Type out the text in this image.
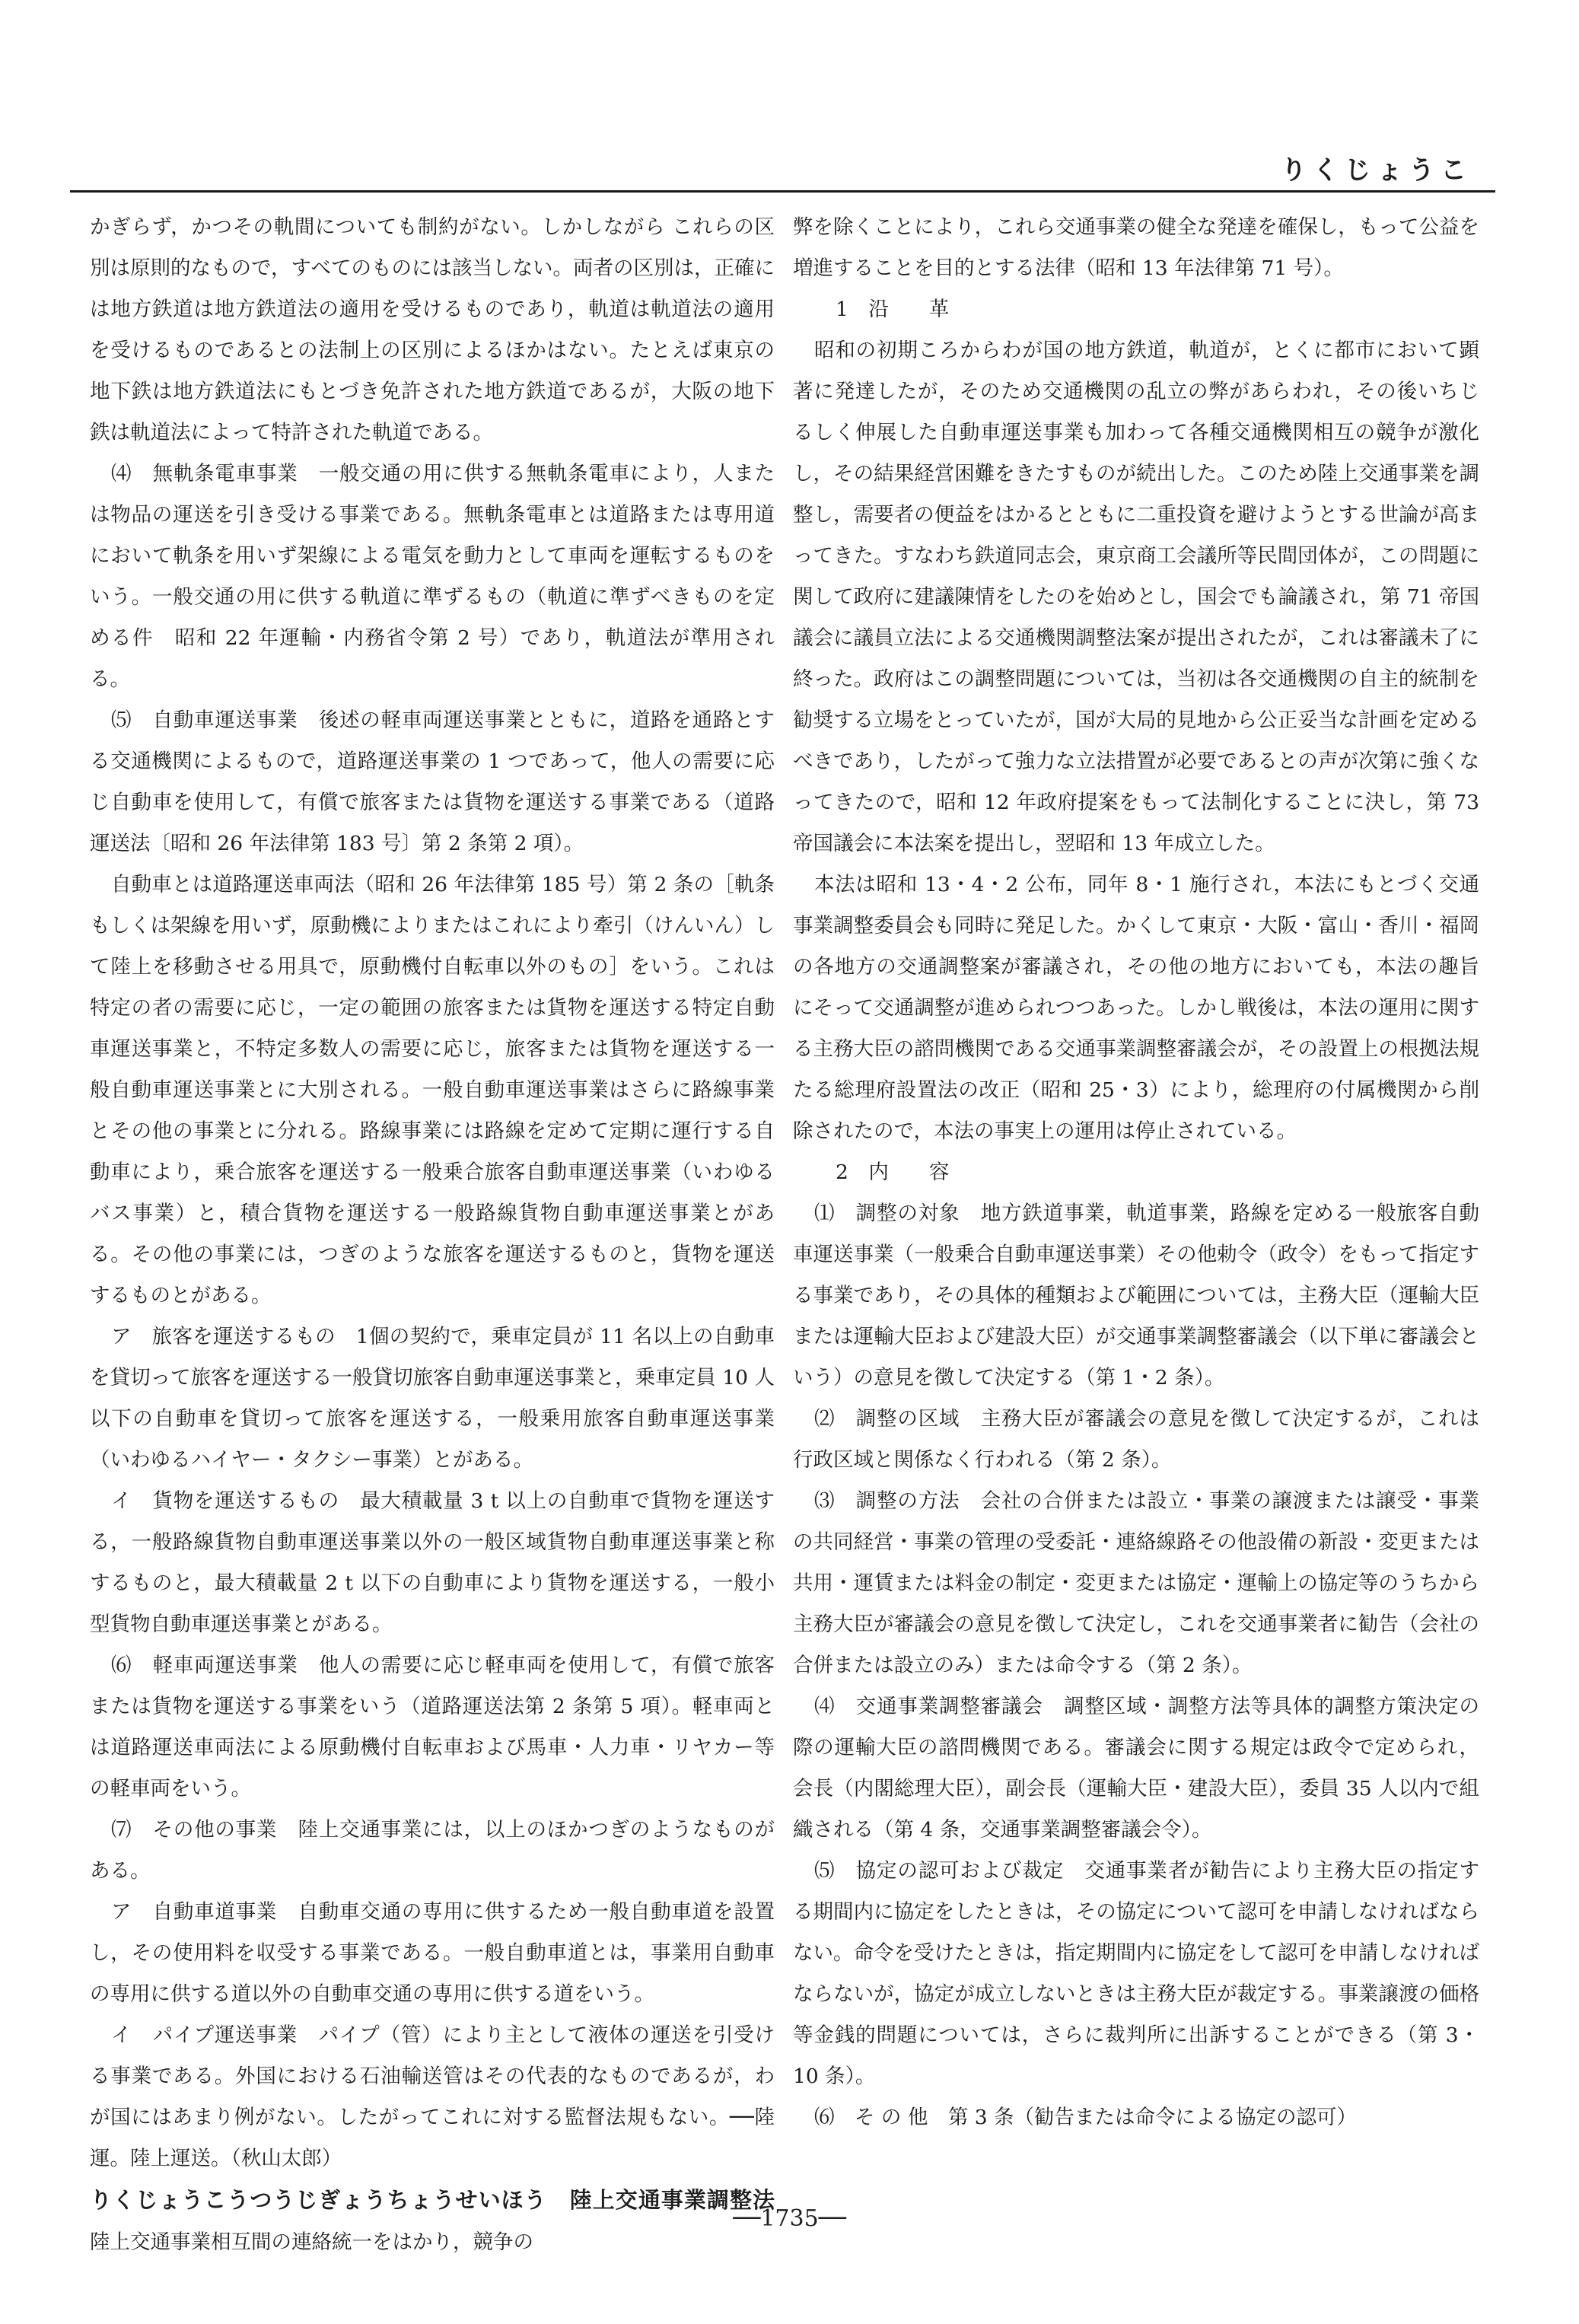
りくじょうこ

かぎらず，かつその軌間についても制約がない。しかしながら これらの区別は原則的なもので，すべてのものには該当しない。両者の区別は，正確には地方鉄道は地方鉄道法の適用を受けるものであり，軌道は軌道法の適用を受けるものであるとの法制上の区別によるほかはない。たとえば東京の地下鉄は地方鉄道法にもとづき免許された地方鉄道であるが，大阪の地下鉄は軌道法によって特許された軌道である。

⑷　無軌条電車事業　一般交通の用に供する無軌条電車により，人または物品の運送を引き受ける事業である。無軌条電車とは道路または専用道において軌条を用いず架線による電気を動力として車両を運転するものをいう。一般交通の用に供する軌道に準ずるもの（軌道に準ずべきものを定める件　昭和 22 年運輸・内務省令第 2 号）であり，軌道法が準用される。

⑸　自動車運送事業　後述の軽車両運送事業とともに，道路を通路とする交通機関によるもので，道路運送事業の 1 つであって，他人の需要に応じ自動車を使用して，有償で旅客または貨物を運送する事業である（道路運送法〔昭和 26 年法律第 183 号〕第 2 条第 2 項）。

自動車とは道路運送車両法（昭和 26 年法律第 185 号）第 2 条の［軌条もしくは架線を用いず，原動機によりまたはこれにより牽引（けんいん）して陸上を移動させる用具で，原動機付自転車以外のもの］をいう。これは特定の者の需要に応じ，一定の範囲の旅客または貨物を運送する特定自動車運送事業と，不特定多数人の需要に応じ，旅客または貨物を運送する一般自動車運送事業とに大別される。一般自動車運送事業はさらに路線事業とその他の事業とに分れる。路線事業には路線を定めて定期に運行する自動車により，乗合旅客を運送する一般乗合旅客自動車運送事業（いわゆるバス事業）と，積合貨物を運送する一般路線貨物自動車運送事業とがある。その他の事業には，つぎのような旅客を運送するものと，貨物を運送するものとがある。

ア　旅客を運送するもの　1個の契約で，乗車定員が 11 名以上の自動車を貸切って旅客を運送する一般貸切旅客自動車運送事業と，乗車定員 10 人以下の自動車を貸切って旅客を運送する，一般乗用旅客自動車運送事業（いわゆるハイヤー・タクシー事業）とがある。

イ　貨物を運送するもの　最大積載量 3 t 以上の自動車で貨物を運送する，一般路線貨物自動車運送事業以外の一般区域貨物自動車運送事業と称するものと，最大積載量 2 t 以下の自動車により貨物を運送する，一般小型貨物自動車運送事業とがある。

⑹　軽車両運送事業　他人の需要に応じ軽車両を使用して，有償で旅客または貨物を運送する事業をいう（道路運送法第 2 条第 5 項）。軽車両とは道路運送車両法による原動機付自転車および馬車・人力車・リヤカー等の軽車両をいう。

⑺　その他の事業　陸上交通事業には，以上のほかつぎのようなものがある。

ア　自動車道事業　自動車交通の専用に供するため一般自動車道を設置し，その使用料を収受する事業である。一般自動車道とは，事業用自動車の専用に供する道以外の自動車交通の専用に供する道をいう。

イ　パイプ運送事業　パイプ（管）により主として液体の運送を引受ける事業である。外国における石油輸送管はその代表的なものであるが，わが国にはあまり例がない。したがってこれに対する監督法規もない。──陸運。陸上運送。（秋山太郎）

りくじょうこうつうじぎょうちょうせいほう　陸上交通事業調整法 陸上交通事業相互間の連絡統一をはかり，競争の

弊を除くことにより，これら交通事業の健全な発達を確保し，もって公益を増進することを目的とする法律（昭和 13 年法律第 71 号）。

1　沿　　革

昭和の初期ころからわが国の地方鉄道，軌道が，とくに都市において顕著に発達したが，そのため交通機関の乱立の弊があらわれ，その後いちじるしく伸展した自動車運送事業も加わって各種交通機関相互の競争が激化し，その結果経営困難をきたすものが続出した。このため陸上交通事業を調整し，需要者の便益をはかるとともに二重投資を避けようとする世論が高まってきた。すなわち鉄道同志会，東京商工会議所等民間団体が，この問題に関して政府に建議陳情をしたのを始めとし，国会でも論議され，第 71 帝国議会に議員立法による交通機関調整法案が提出されたが，これは審議未了に終った。政府はこの調整問題については，当初は各交通機関の自主的統制を勧奨する立場をとっていたが，国が大局的見地から公正妥当な計画を定めるべきであり，したがって強力な立法措置が必要であるとの声が次第に強くなってきたので，昭和 12 年政府提案をもって法制化することに決し，第 73 帝国議会に本法案を提出し，翌昭和 13 年成立した。

本法は昭和 13・4・2 公布，同年 8・1 施行され，本法にもとづく交通事業調整委員会も同時に発足した。かくして東京・大阪・富山・香川・福岡の各地方の交通調整案が審議され，その他の地方においても，本法の趣旨にそって交通調整が進められつつあった。しかし戦後は，本法の運用に関する主務大臣の諮問機関である交通事業調整審議会が，その設置上の根拠法規たる総理府設置法の改正（昭和 25・3）により，総理府の付属機関から削除されたので，本法の事実上の運用は停止されている。

2　内　　容

⑴　調整の対象　地方鉄道事業，軌道事業，路線を定める一般旅客自動車運送事業（一般乗合自動車運送事業）その他勅令（政令）をもって指定する事業であり，その具体的種類および範囲については，主務大臣（運輸大臣または運輸大臣および建設大臣）が交通事業調整審議会（以下単に審議会という）の意見を徴して決定する（第 1・2 条）。

⑵　調整の区域　主務大臣が審議会の意見を徴して決定するが，これは行政区域と関係なく行われる（第 2 条）。

⑶　調整の方法　会社の合併または設立・事業の譲渡または譲受・事業の共同経営・事業の管理の受委託・連絡線路その他設備の新設・変更または共用・運賃または料金の制定・変更または協定・運輸上の協定等のうちから主務大臣が審議会の意見を徴して決定し，これを交通事業者に勧告（会社の合併または設立のみ）または命令する（第 2 条）。

⑷　交通事業調整審議会　調整区域・調整方法等具体的調整方策決定の際の運輸大臣の諮問機関である。審議会に関する規定は政令で定められ，会長（内閣総理大臣），副会長（運輸大臣・建設大臣），委員 35 人以内で組織される（第 4 条，交通事業調整審議会令）。

⑸　協定の認可および裁定　交通事業者が勧告により主務大臣の指定する期間内に協定をしたときは，その協定について認可を申請しなければならない。命令を受けたときは，指定期間内に協定をして認可を申請しなければならないが，協定が成立しないときは主務大臣が裁定する。事業譲渡の価格等金銭的問題については，さらに裁判所に出訴することができる（第 3・10 条）。

⑹　そ の 他　第 3 条（勧告または命令による協定の認可）

──1735──
